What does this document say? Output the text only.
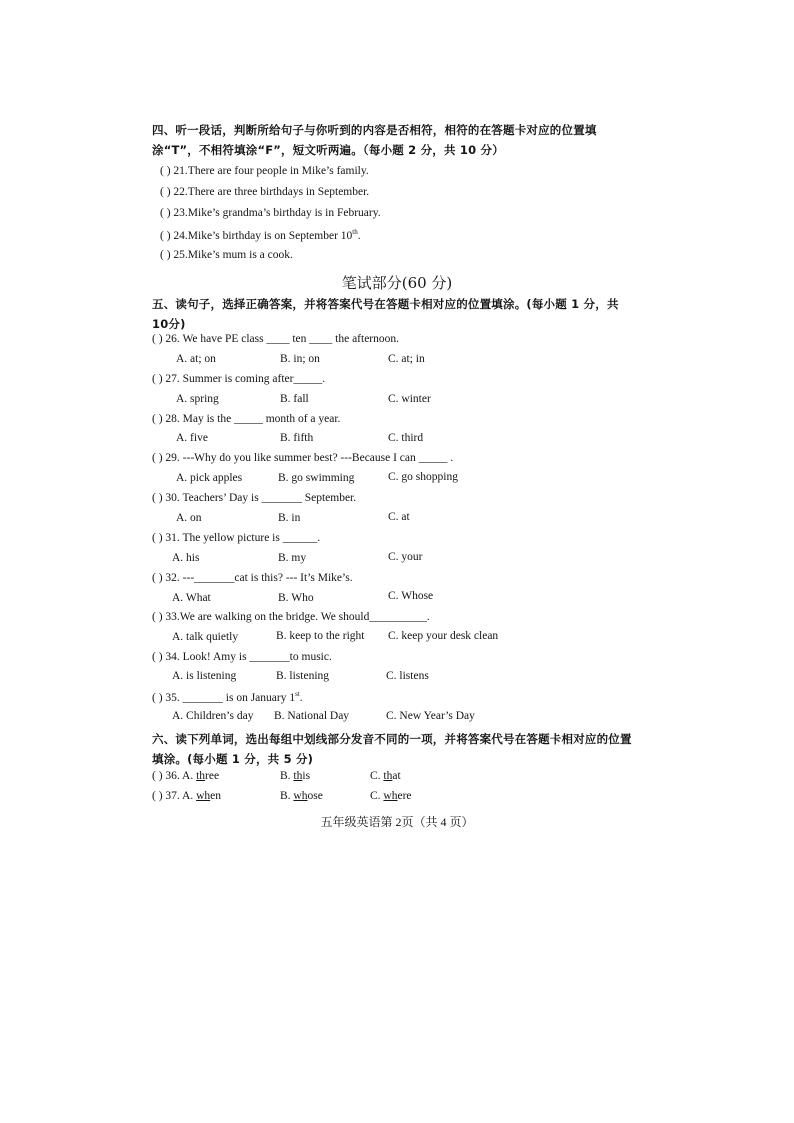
四、听一段话，判断所给句子与你听到的内容是否相符，相符的在答题卡对应的位置填涂“T”，不相符填涂“F”，短文听两遍。（每小题 2 分，共 10 分）
( ) 21.There are four people in Mike’s family.
( ) 22.There are three birthdays in September.
( ) 23.Mike’s grandma’s birthday is in February.
( ) 24.Mike’s birthday is on September 10th.
( ) 25.Mike’s mum is a cook.
笔试部分(60 分)
五、读句子，选择正确答案，并将答案代号在答题卡相对应的位置填涂。(每小题 1 分，共 10分)
( ) 26. We have PE class ____ ten ____ the afternoon.
A. at; on	B. in; on	C. at; in
( ) 27. Summer is coming after_____.
A. spring	B. fall	C. winter
( ) 28. May is the _____ month of a year.
A. five	B. fifth	C. third
( ) 29. ---Why do you like summer best? ---Because I can _____ .
A. pick apples	B. go swimming	C. go shopping
( ) 30. Teachers’ Day is _______ September.
A. on	B. in	C. at
( ) 31. The yellow picture is ______.
A. his	B. my	C. your
( ) 32. ---_______cat is this? --- It’s Mike’s.
A. What	B. Who	C. Whose
( ) 33.We are walking on the bridge. We should__________.
A. talk quietly	B. keep to the right C. keep your desk clean
( ) 34. Look! Amy is _______to music.
A. is listening	B. listening	C. listens
( ) 35. _______ is on January 1st.
A. Children’s day B. National Day	C. New Year’s Day
六、读下列单词，选出每组中划线部分发音不同的一项，并将答案代号在答题卡相对应的位置填涂。(每小题 1 分，共 5 分)
( ) 36. A. three	B. this	C. that
( ) 37. A. when	B. whose	C. where
五年级英语第 2页（共 4 页）
